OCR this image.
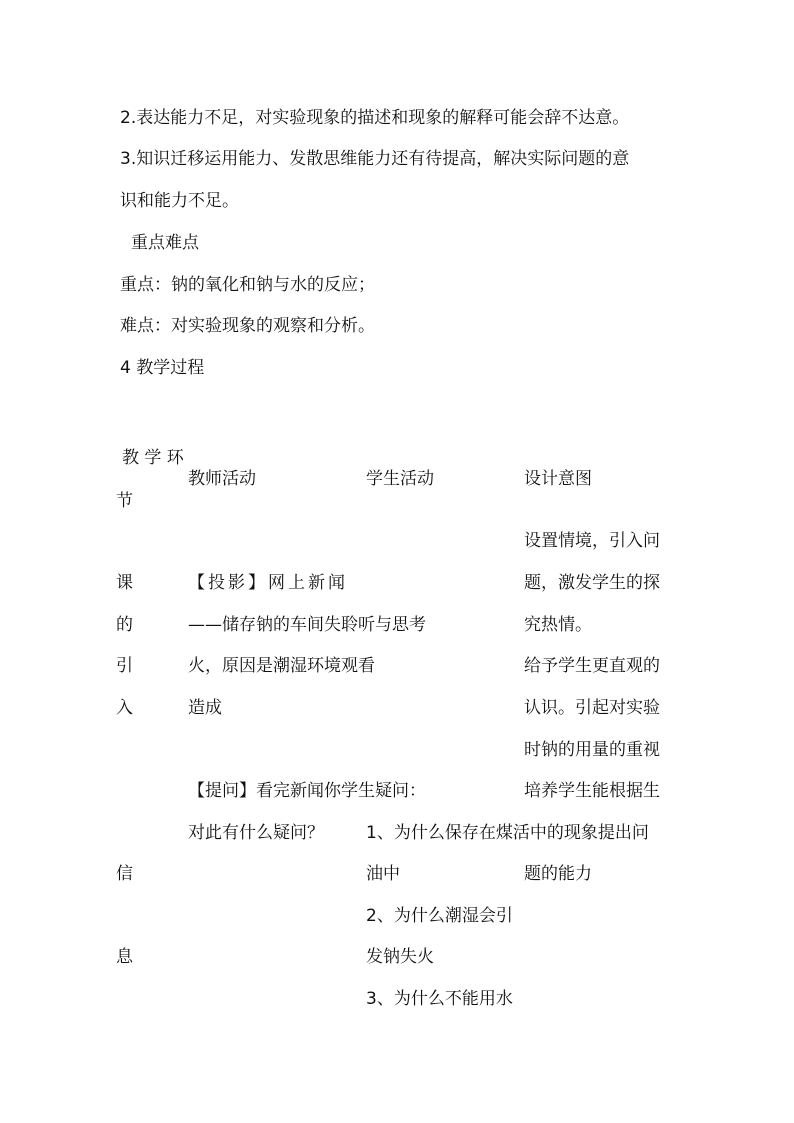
2.表达能力不足，对实验现象的描述和现象的解释可能会辞不达意。
3.知识迁移运用能力、发散思维能力还有待提高，解决实际问题的意
识和能力不足。
重点难点
重点：钠的氧化和钠与水的反应；
难点：对实验现象的观察和分析。
4 教学过程
教 学 环
节
教师活动	学生活动	设计意图
课
的
引
入
【投影】网上新闻
——储存钠的车间失聆听与思考
火，原因是潮湿环境观看
造成
设置情境，引入问
题，激发学生的探
究热情。
给予学生更直观的
认识。引起对实验
时钠的用量的重视
信
息
【提问】看完新闻你学生疑问：
对此有什么疑问？ 1、为什么保存在煤活中的现象提出问
油中
2、为什么潮湿会引
发钠失火
3、为什么不能用水
培养学生能根据生
题的能力
